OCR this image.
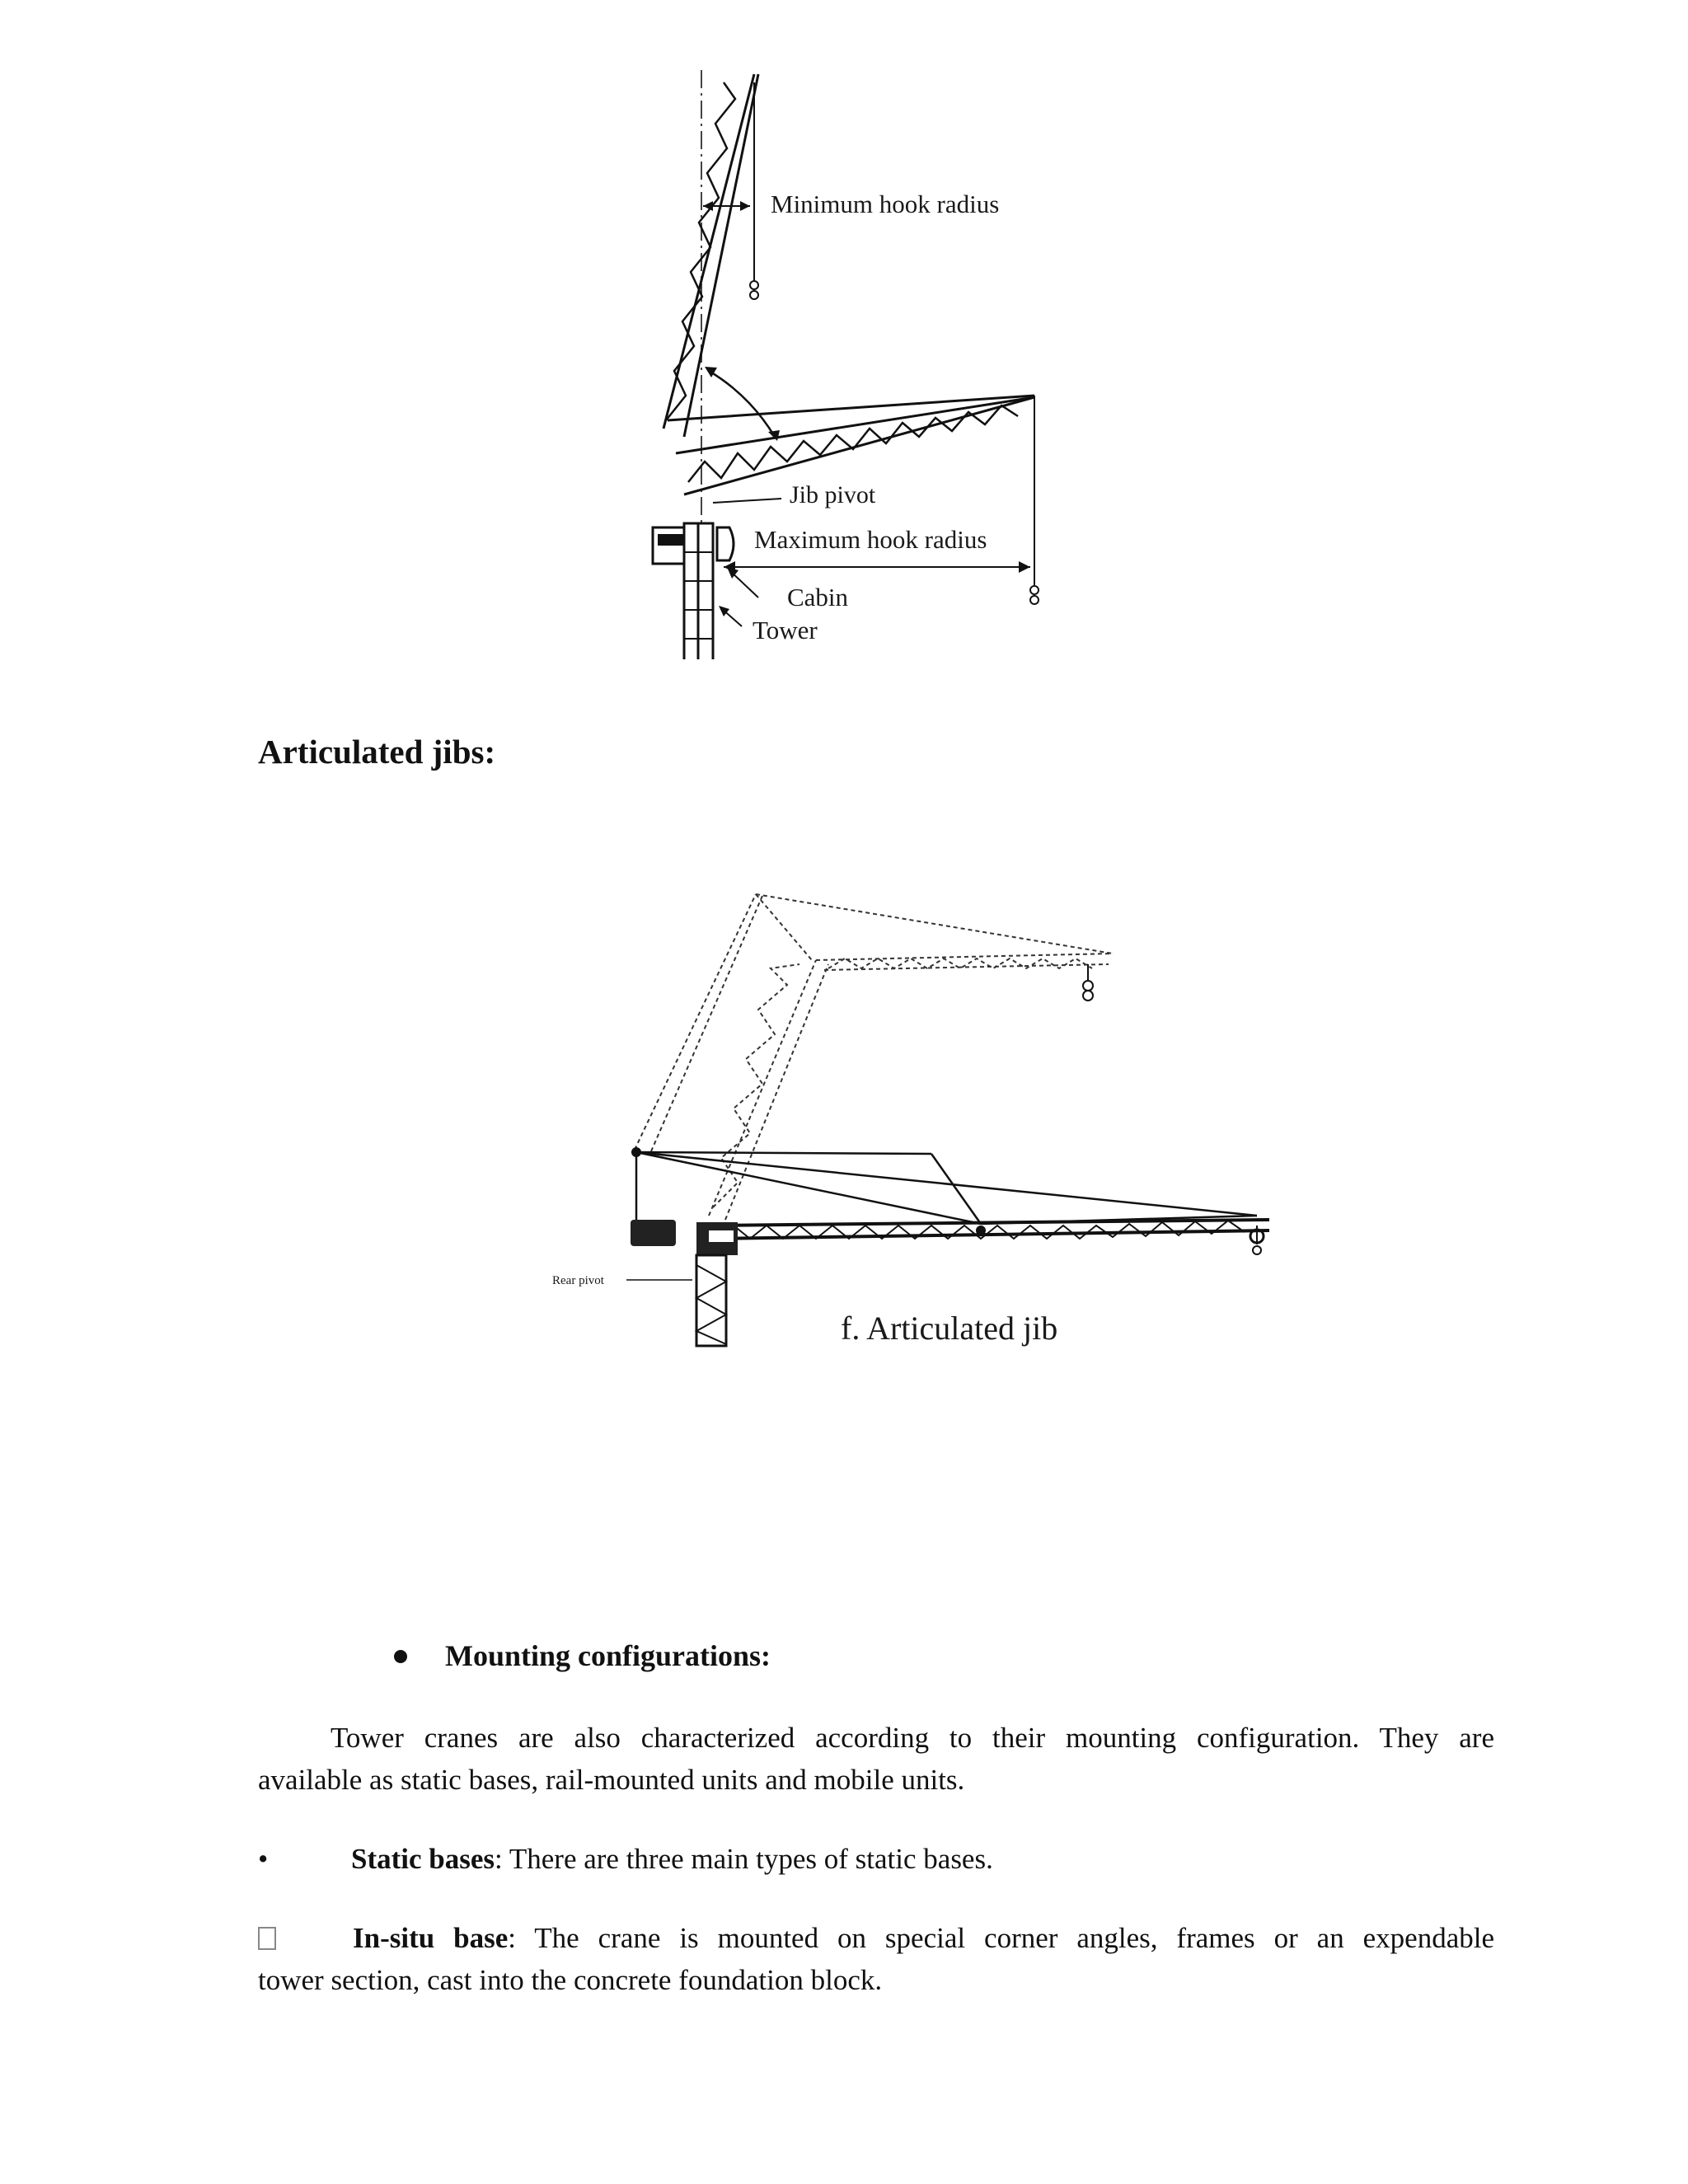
Minimum hook radius
Jib pivot
Maximum hook radius
Cabin
Tower
Articulated jibs:
Rear pivot
f. Articulated jib
Mounting configurations:
Tower cranes are also characterized according to their mounting configuration. They are
available as static bases, rail-mounted units and mobile units.
•	Static bases: There are three main types of static bases.
In-situ base: The crane is mounted on special corner angles, frames or an expendable
tower section, cast into the concrete foundation block.
